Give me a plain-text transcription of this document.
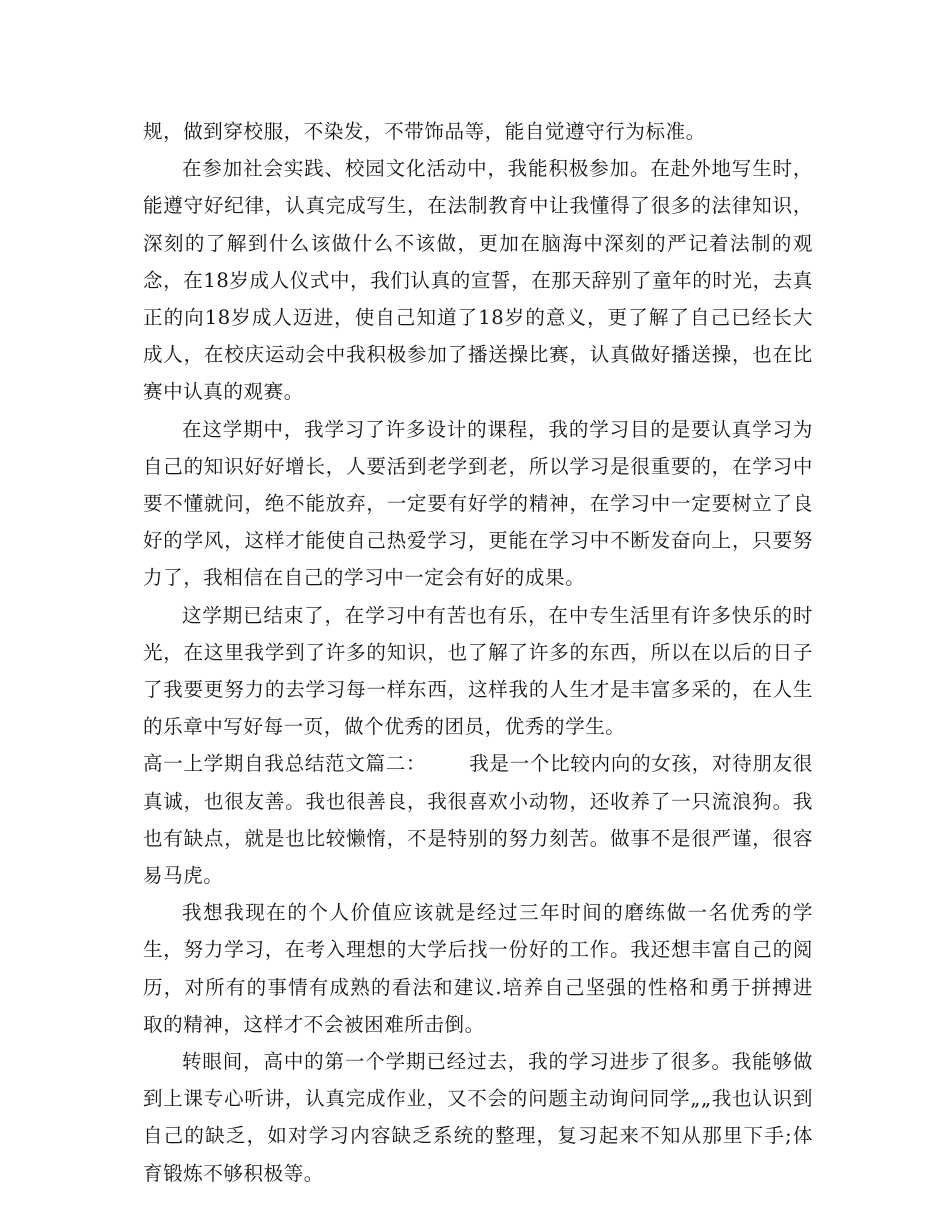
规，做到穿校服，不染发，不带饰品等，能自觉遵守行为标准。

在参加社会实践、校园文化活动中，我能积极参加。在赴外地写生时，能遵守好纪律，认真完成写生，在法制教育中让我懂得了很多的法律知识，深刻的了解到什么该做什么不该做，更加在脑海中深刻的严记着法制的观念，在18岁成人仪式中，我们认真的宣誓，在那天辞别了童年的时光，去真正的向18岁成人迈进，使自己知道了18岁的意义，更了解了自己已经长大成人，在校庆运动会中我积极参加了播送操比赛，认真做好播送操，也在比赛中认真的观赛。

在这学期中，我学习了许多设计的课程，我的学习目的是要认真学习为自己的知识好好增长，人要活到老学到老，所以学习是很重要的，在学习中要不懂就问，绝不能放弃，一定要有好学的精神，在学习中一定要树立了良好的学风，这样才能使自己热爱学习，更能在学习中不断发奋向上，只要努力了，我相信在自己的学习中一定会有好的成果。

这学期已结束了，在学习中有苦也有乐，在中专生活里有许多快乐的时光，在这里我学到了许多的知识，也了解了许多的东西，所以在以后的日子了我要更努力的去学习每一样东西，这样我的人生才是丰富多采的，在人生的乐章中写好每一页，做个优秀的团员，优秀的学生。

高一上学期自我总结范文篇二： 我是一个比较内向的女孩，对待朋友很真诚，也很友善。我也很善良，我很喜欢小动物，还收养了一只流浪狗。我也有缺点，就是也比较懒惰，不是特别的努力刻苦。做事不是很严谨，很容易马虎。

我想我现在的个人价值应该就是经过三年时间的磨练做一名优秀的学生，努力学习，在考入理想的大学后找一份好的工作。我还想丰富自己的阅历，对所有的事情有成熟的看法和建议.培养自己坚强的性格和勇于拼搏进取的精神，这样才不会被困难所击倒。

转眼间，高中的第一个学期已经过去，我的学习进步了很多。我能够做到上课专心听讲，认真完成作业，又不会的问题主动询问同学„„我也认识到自己的缺乏，如对学习内容缺乏系统的整理，复习起来不知从那里下手;体育锻炼不够积极等。
